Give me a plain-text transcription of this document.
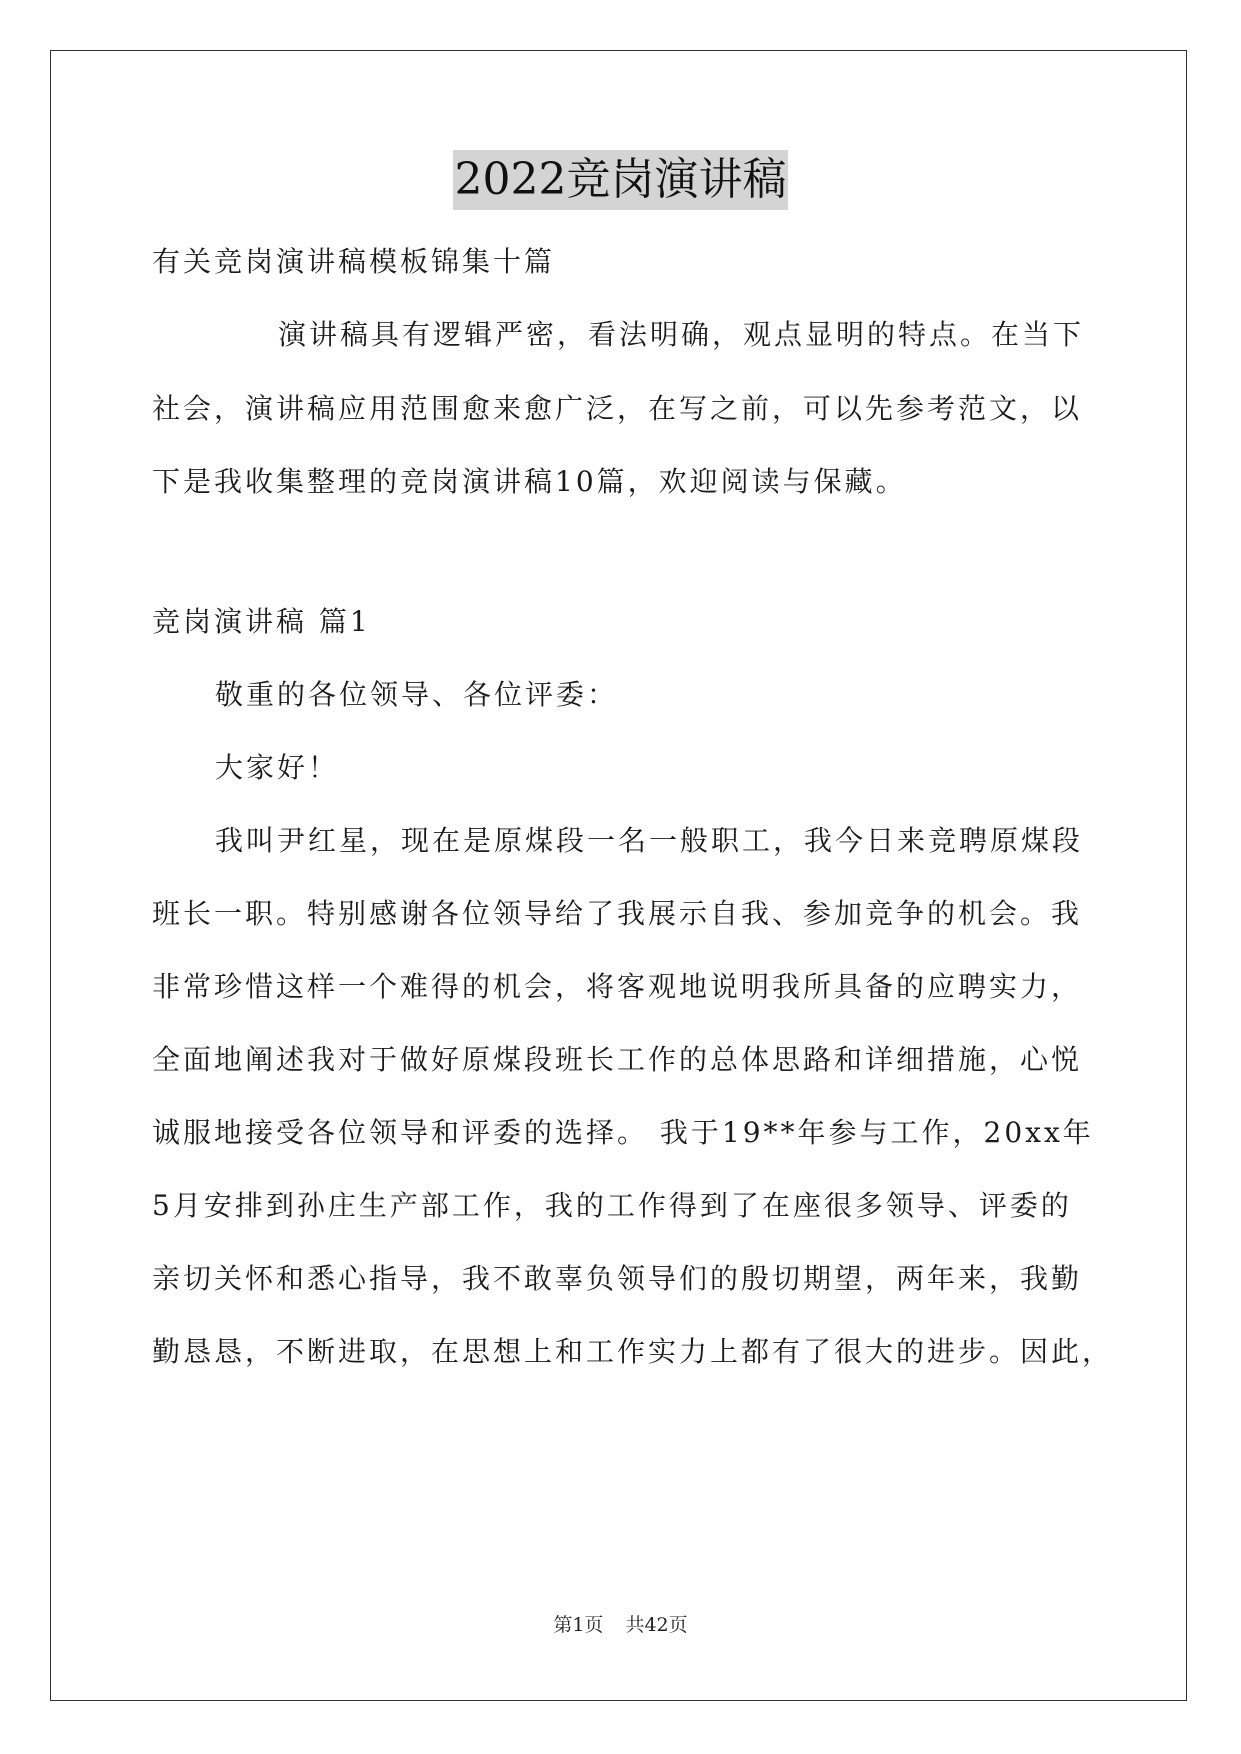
2022竞岗演讲稿
有关竞岗演讲稿模板锦集十篇
演讲稿具有逻辑严密，看法明确，观点显明的特点。在当下
社会，演讲稿应用范围愈来愈广泛，在写之前，可以先参考范文，以
下是我收集整理的竞岗演讲稿10篇，欢迎阅读与保藏。
竞岗演讲稿 篇1
敬重的各位领导、各位评委：
大家好！
我叫尹红星，现在是原煤段一名一般职工，我今日来竞聘原煤段
班长一职。特别感谢各位领导给了我展示自我、参加竞争的机会。我
非常珍惜这样一个难得的机会，将客观地说明我所具备的应聘实力，
全面地阐述我对于做好原煤段班长工作的总体思路和详细措施，心悦
诚服地接受各位领导和评委的选择。 我于19**年参与工作，20xx年
5月安排到孙庄生产部工作，我的工作得到了在座很多领导、评委的
亲切关怀和悉心指导，我不敢辜负领导们的殷切期望，两年来，我勤
勤恳恳，不断进取，在思想上和工作实力上都有了很大的进步。因此，
第1页 共42页
